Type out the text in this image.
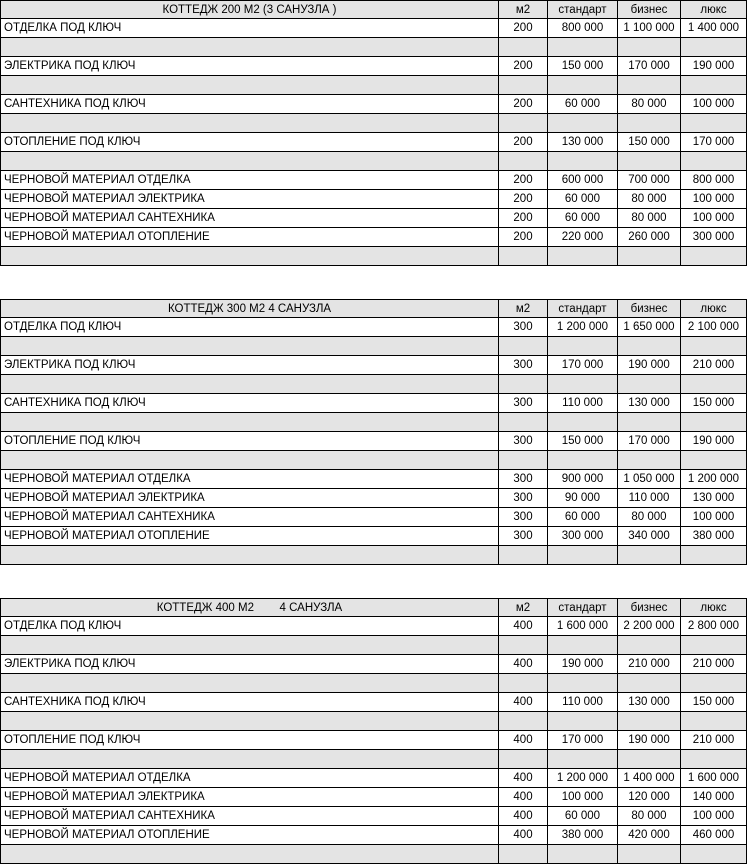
КОТТЕДЖ 200 М2 (3 САНУЗЛА )	м2	стандарт	бизнес	люкс
ОТДЕЛКА ПОД КЛЮЧ	200	800 000	1 100 000	1 400 000
ЭЛЕКТРИКА ПОД КЛЮЧ	200	150 000	170 000	190 000
САНТЕХНИКА ПОД КЛЮЧ	200	60 000	80 000	100 000
ОТОПЛЕНИЕ ПОД КЛЮЧ	200	130 000	150 000	170 000
ЧЕРНОВОЙ МАТЕРИАЛ ОТДЕЛКА	200	600 000	700 000	800 000
ЧЕРНОВОЙ МАТЕРИАЛ ЭЛЕКТРИКА	200	60 000	80 000	100 000
ЧЕРНОВОЙ МАТЕРИАЛ САНТЕХНИКА	200	60 000	80 000	100 000
ЧЕРНОВОЙ МАТЕРИАЛ ОТОПЛЕНИЕ	200	220 000	260 000	300 000
КОТТЕДЖ 300 М2 4 САНУЗЛА	м2	стандарт	бизнес	люкс
ОТДЕЛКА ПОД КЛЮЧ	300	1 200 000	1 650 000	2 100 000
ЭЛЕКТРИКА ПОД КЛЮЧ	300	170 000	190 000	210 000
САНТЕХНИКА ПОД КЛЮЧ	300	110 000	130 000	150 000
ОТОПЛЕНИЕ ПОД КЛЮЧ	300	150 000	170 000	190 000
ЧЕРНОВОЙ МАТЕРИАЛ ОТДЕЛКА	300	900 000	1 050 000	1 200 000
ЧЕРНОВОЙ МАТЕРИАЛ ЭЛЕКТРИКА	300	90 000	110 000	130 000
ЧЕРНОВОЙ МАТЕРИАЛ САНТЕХНИКА	300	60 000	80 000	100 000
ЧЕРНОВОЙ МАТЕРИАЛ ОТОПЛЕНИЕ	300	300 000	340 000	380 000
КОТТЕДЖ 400 М2        4 САНУЗЛА	м2	стандарт	бизнес	люкс
ОТДЕЛКА ПОД КЛЮЧ	400	1 600 000	2 200 000	2 800 000
ЭЛЕКТРИКА ПОД КЛЮЧ	400	190 000	210 000	210 000
САНТЕХНИКА ПОД КЛЮЧ	400	110 000	130 000	150 000
ОТОПЛЕНИЕ ПОД КЛЮЧ	400	170 000	190 000	210 000
ЧЕРНОВОЙ МАТЕРИАЛ ОТДЕЛКА	400	1 200 000	1 400 000	1 600 000
ЧЕРНОВОЙ МАТЕРИАЛ ЭЛЕКТРИКА	400	100 000	120 000	140 000
ЧЕРНОВОЙ МАТЕРИАЛ САНТЕХНИКА	400	60 000	80 000	100 000
ЧЕРНОВОЙ МАТЕРИАЛ ОТОПЛЕНИЕ	400	380 000	420 000	460 000
